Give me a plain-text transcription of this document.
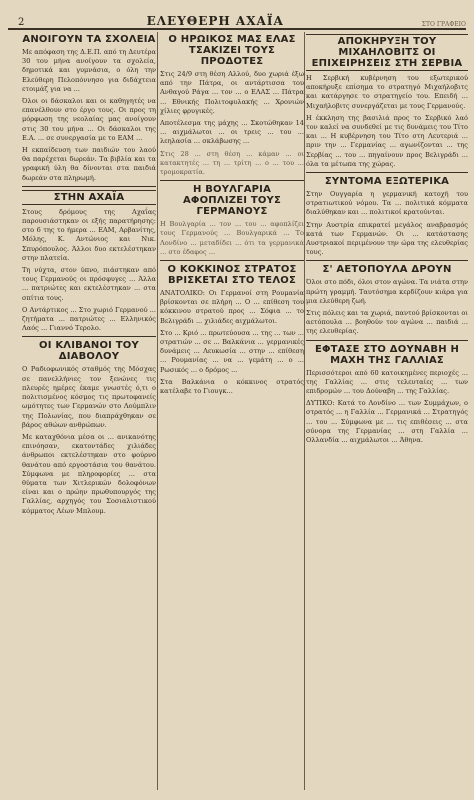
2	ΕΛΕΥΘΕΡΗ ΑΧΑΪΑ	ΣΤΟ ΓΡΑΦΕΙΟ
ΑΝΟΙΓΟΥΝ ΤΑ ΣΧΟΛΕΙΑ

Με απόφαση της Δ.Ε.Π. από τη Δευτέρα 30 του μήνα ανοίγουν τα σχολεία, δημοτικά και γυμνάσια, ο όλη την Ελεύθερη Πελοπόννησο για διδάχτεια ετοιμάζ για να ...

Όλοι οι δάσκαλοι και οι καθηγητές να επανέλθουν στο έργο τους. Οι προς τη μόρφωση της νεολαίας μας ανοίγουν στις 30 του μήνα ... Οι δάσκαλοι της Ε.Α. ... σε συνεργασία με το ΕΑΜ ...

Η εκπαίδευση των παιδιών του λαού θα παρέχεται δωρεάν. Τα βιβλία και τα γραφική ύλη θα δίνονται στα παιδιά δωρεάν στα πληρωμή.

ΣΤΗΝ ΑΧΑΪΑ

Στους δρόμους της Αχαΐας παρουσιάστηκαν οι εξής παρατήρησης: στο 6 της το ήμερα ... ΕΑΜ, Αρβανίτης, Μόλης, Κ. Αντώνιος και Νικ. Σπυρόπουλος. Άλλοι δυο εκτελέστηκαν στην πλατεία.

Τη νύχτα, στον ύπνο, πιάστηκαν από τους Γερμανούς οι πρόσφυγες ... Άλλα ... πατριώτες και εκτελέστηκαν ... στα σπίτια τους.

Ο Αντάρτικος ... Στο χωριό Γερμανού ... ζητήματα ... πατριώτες ... Ελληνικός Λαός ... Γιαννό Τερολο.

ΟΙ ΚΛΙΒΑΝΟΙ ΤΟΥ ΔΙΑΒΟΛΟΥ

Ο Ραδιοφωνικός σταθμός της Μόσχας σε πανελλήνιες τον ξενώνες τις πλευρές ημέρες έκαμε γνωστές ό,τι ο πολιτισμένος κόσμος τις πρωτοφανείς ωμότητες των Γερμανών στο Λούμπλιν της Πολωνίας, που διαπράχθηκαν σε βάρος αθώων ανθρώπων.

Με καταχθόνια μέσα οι ... ανικανότης επινόησαν, εκατοντάδες χιλιάδες άνθρωποι εκτελέστηκαν στο φούρνο θανάτου από εργοστάσια του θανάτου. Σύμφωνα με πληροφορίες ... στα θύματα των Χιτλερικών δολοφόνων είναι και ο πρώην πρωθυπουργός της Γαλλίας, αρχηγός του Σοσιαλιστικού κόμματος Λέων Μπλουμ.

Ο ΗΡΩΙΚΟΣ ΜΑΣ ΕΛΑΣ ΤΣΑΚΙΖΕΙ ΤΟΥΣ ΠΡΟΔΟΤΕΣ

Στις 24/9 στη θέση Αλλού, δυο χωριά έξω από την Πάτρα, οι αντάρτισσα του Ανθαγού Ράγα ... τον ... ο ΕΛΑΣ ... Πάτρα ... Εθνικής Πολιτοφυλακής ... Χρονιών χίλιες φρυγικές.

Αποτέλεσμα της μάχης ... Σκοτώθηκαν 14 ... αιχμάλωτοι ... οι τρεις ... του ... λεηλασία ... σκλάβωσης ...

Στις 28 ... στη θέση ... κάμαν ... οι κατακτητές ... τη ... τρίτη ... ο ... του ... τρομοκρατία.

Η ΒΟΥΛΓΑΡΙΑ ΑΦΟΠΛΙΖΕΙ ΤΟΥΣ ΓΕΡΜΑΝΟΥΣ

Η Βουλγαρία ... τον ... του ... αφοπλίζει τους Γερμανούς ... Βουλγαρικά ... Το Λονδίνο ... μεταδίδει ... ότι τα γερμανικά ... στο έδαφος ...

Ο ΚΟΚΚΙΝΟΣ ΣΤΡΑΤΟΣ ΒΡΙΣΚΕΤΑΙ ΣΤΟ ΤΕΛΟΣ

ΑΝΑΤΟΛΙΚΟ: Οι Γερμανοί στη Ρουμανία βρίσκονται σε πλήρη ... Ο ... επίθεση του κόκκινου στρατού προς ... Σόφια ... το Βελιγράδι ... χιλιάδες αιχμάλωτοι.

Στο ... Κριό ... πρωτεύουσα ... της ... των ... στρατιών ... σε ... Βαλκάνια ... γερμανικές δυνάμεις ... Λευκωσία ... στην ... επίθεση ... Ρουμανίας ... να ... γεμάτη ... ο ... Ρωσικός ... ο δρόμος ...

Στα Βαλκάνια ο κόκκινος στρατός κατέλαβε το Γιουγκ...

ΑΠΟΚΗΡΥΞΗ ΤΟΥ ΜΙΧΑΗΛΟΒΙΤΣ ΟΙ ΕΠΙΧΕΙΡΗΣΕΙΣ ΣΤΗ ΣΕΡΒΙΑ

Η Σερβική κυβέρνηση του εξωτερικού αποκήρυξε επίσημα το στρατηγό Μιχαήλοβιτς και κατάργησε το στρατηγείο του. Επειδή ... Μιχαήλοβιτς συνεργάζεται με τους Γερμανούς.

Η έκκληση της βασιλιά προς το Σερβικό λαό τον καλεί να συνδεθεί με τις δυνάμεις του Τίτο και ... Η κυβέρνηση του Τίτο στη Λευτεριά ... πριν την ... Γερμανίας ... αγωνίζονται ... της Σερβίας ... του ... πηγαίνουν προς Βελιγράδι ... όλα τα μέτωπα της χώρας.

ΣΥΝΤΟΜΑ ΕΞΩΤΕΡΙΚΑ

Στην Ουγγαρία η γερμανική κατοχή του στρατιωτικού νόμου. Τα ... πολιτικά κόμματα διαλύθηκαν και ... πολιτικοί κρατούνται.

Στην Αυστρία επικρατεί μεγάλος αναβρασμός κατά των Γερμανών. Οι ... κατάστασης Αυστριακοί περιμένουν την ώρα της ελευθερίας τους.

Σ' ΑΕΤΟΠΟΥΛΑ ΔΡΟΥΝ

Όλοι στο πόδι, όλοι στον αγώνα. Τα νιάτα στην πρώτη γραμμή. Ταυτόσημα κερδίζουν κιάρα για μια ελεύθερη ζωή.

Στις πόλεις και τα χωριά, παντού βρίσκονται οι αετόπουλα ... βοηθούν τον αγώνα ... παιδιά ... της ελευθερίας.

ΕΦΤΑΣΕ ΣΤΟ ΔΟΥΝΑΒΗ Η ΜΑΧΗ ΤΗΣ ΓΑΛΛΙΑΣ

Περισσότεροι από 60 κατοικημένες περιοχές ... της Γαλλίας ... στις τελευταίες ... των επιδρομών ... του Δούναβη ... της Γαλλίας.

ΔΥΤΙΚΟ: Κατά το Λονδίνο ... των Συμμάχων, ο στρατός ... η Γαλλία ... Γερμανικά ... Στρατηγός ... του ... Σύμφωνα με ... τις επιθέσεις ... στα σύνορα της Γερμανίας ... στη Γαλλία ... Ολλανδία ... αιχμάλωτοι ... Άθηνα.
